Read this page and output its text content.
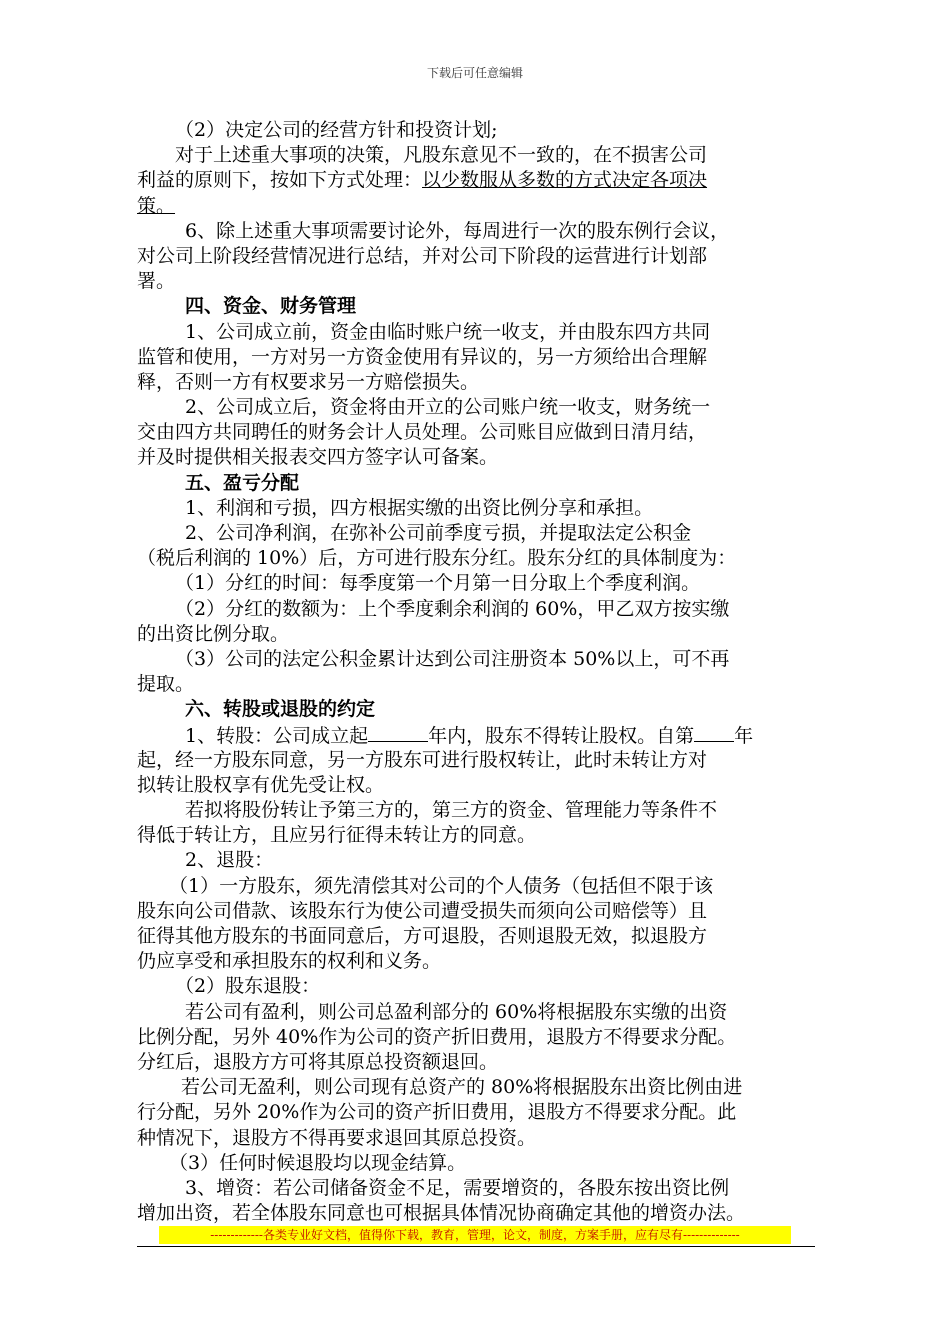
下载后可任意编辑
（2）决定公司的经营方针和投资计划;
对于上述重大事项的决策，凡股东意见不一致的，在不损害公司
利益的原则下，按如下方式处理：以少数服从多数的方式决定各项决
策。
6、除上述重大事项需要讨论外，每周进行一次的股东例行会议，
对公司上阶段经营情况进行总结，并对公司下阶段的运营进行计划部
署。
四、资金、财务管理
1、公司成立前，资金由临时账户统一收支，并由股东四方共同
监管和使用，一方对另一方资金使用有异议的，另一方须给出合理解
释，否则一方有权要求另一方赔偿损失。
2、公司成立后，资金将由开立的公司账户统一收支，财务统一
交由四方共同聘任的财务会计人员处理。公司账目应做到日清月结，
并及时提供相关报表交四方签字认可备案。
五、盈亏分配
1、利润和亏损，四方根据实缴的出资比例分享和承担。
2、公司净利润，在弥补公司前季度亏损，并提取法定公积金
（税后利润的 10%）后，方可进行股东分红。股东分红的具体制度为：
（1）分红的时间：每季度第一个月第一日分取上个季度利润。
（2）分红的数额为：上个季度剩余利润的 60%，甲乙双方按实缴
的出资比例分取。
（3）公司的法定公积金累计达到公司注册资本 50%以上，可不再
提取。
六、转股或退股的约定
1、转股：公司成立起	年内，股东不得转让股权。自第 年
起，经一方股东同意，另一方股东可进行股权转让，此时未转让方对
拟转让股权享有优先受让权。
若拟将股份转让予第三方的，第三方的资金、管理能力等条件不
得低于转让方，且应另行征得未转让方的同意。
2、退股：
（1）一方股东，须先清偿其对公司的个人债务（包括但不限于该
股东向公司借款、该股东行为使公司遭受损失而须向公司赔偿等）且
征得其他方股东的书面同意后，方可退股，否则退股无效，拟退股方
仍应享受和承担股东的权利和义务。
（2）股东退股：
若公司有盈利，则公司总盈利部分的 60%将根据股东实缴的出资
比例分配，另外 40%作为公司的资产折旧费用，退股方不得要求分配。
分红后，退股方方可将其原总投资额退回。
若公司无盈利，则公司现有总资产的 80%将根据股东出资比例由进
行分配，另外 20%作为公司的资产折旧费用，退股方不得要求分配。此
种情况下，退股方不得再要求退回其原总投资。
（3）任何时候退股均以现金结算。
3、增资：若公司储备资金不足，需要增资的，各股东按出资比例
增加出资，若全体股东同意也可根据具体情况协商确定其他的增资办法。
-------------各类专业好文档，值得你下载，教育，管理，论文，制度，方案手册，应有尽有--------------
